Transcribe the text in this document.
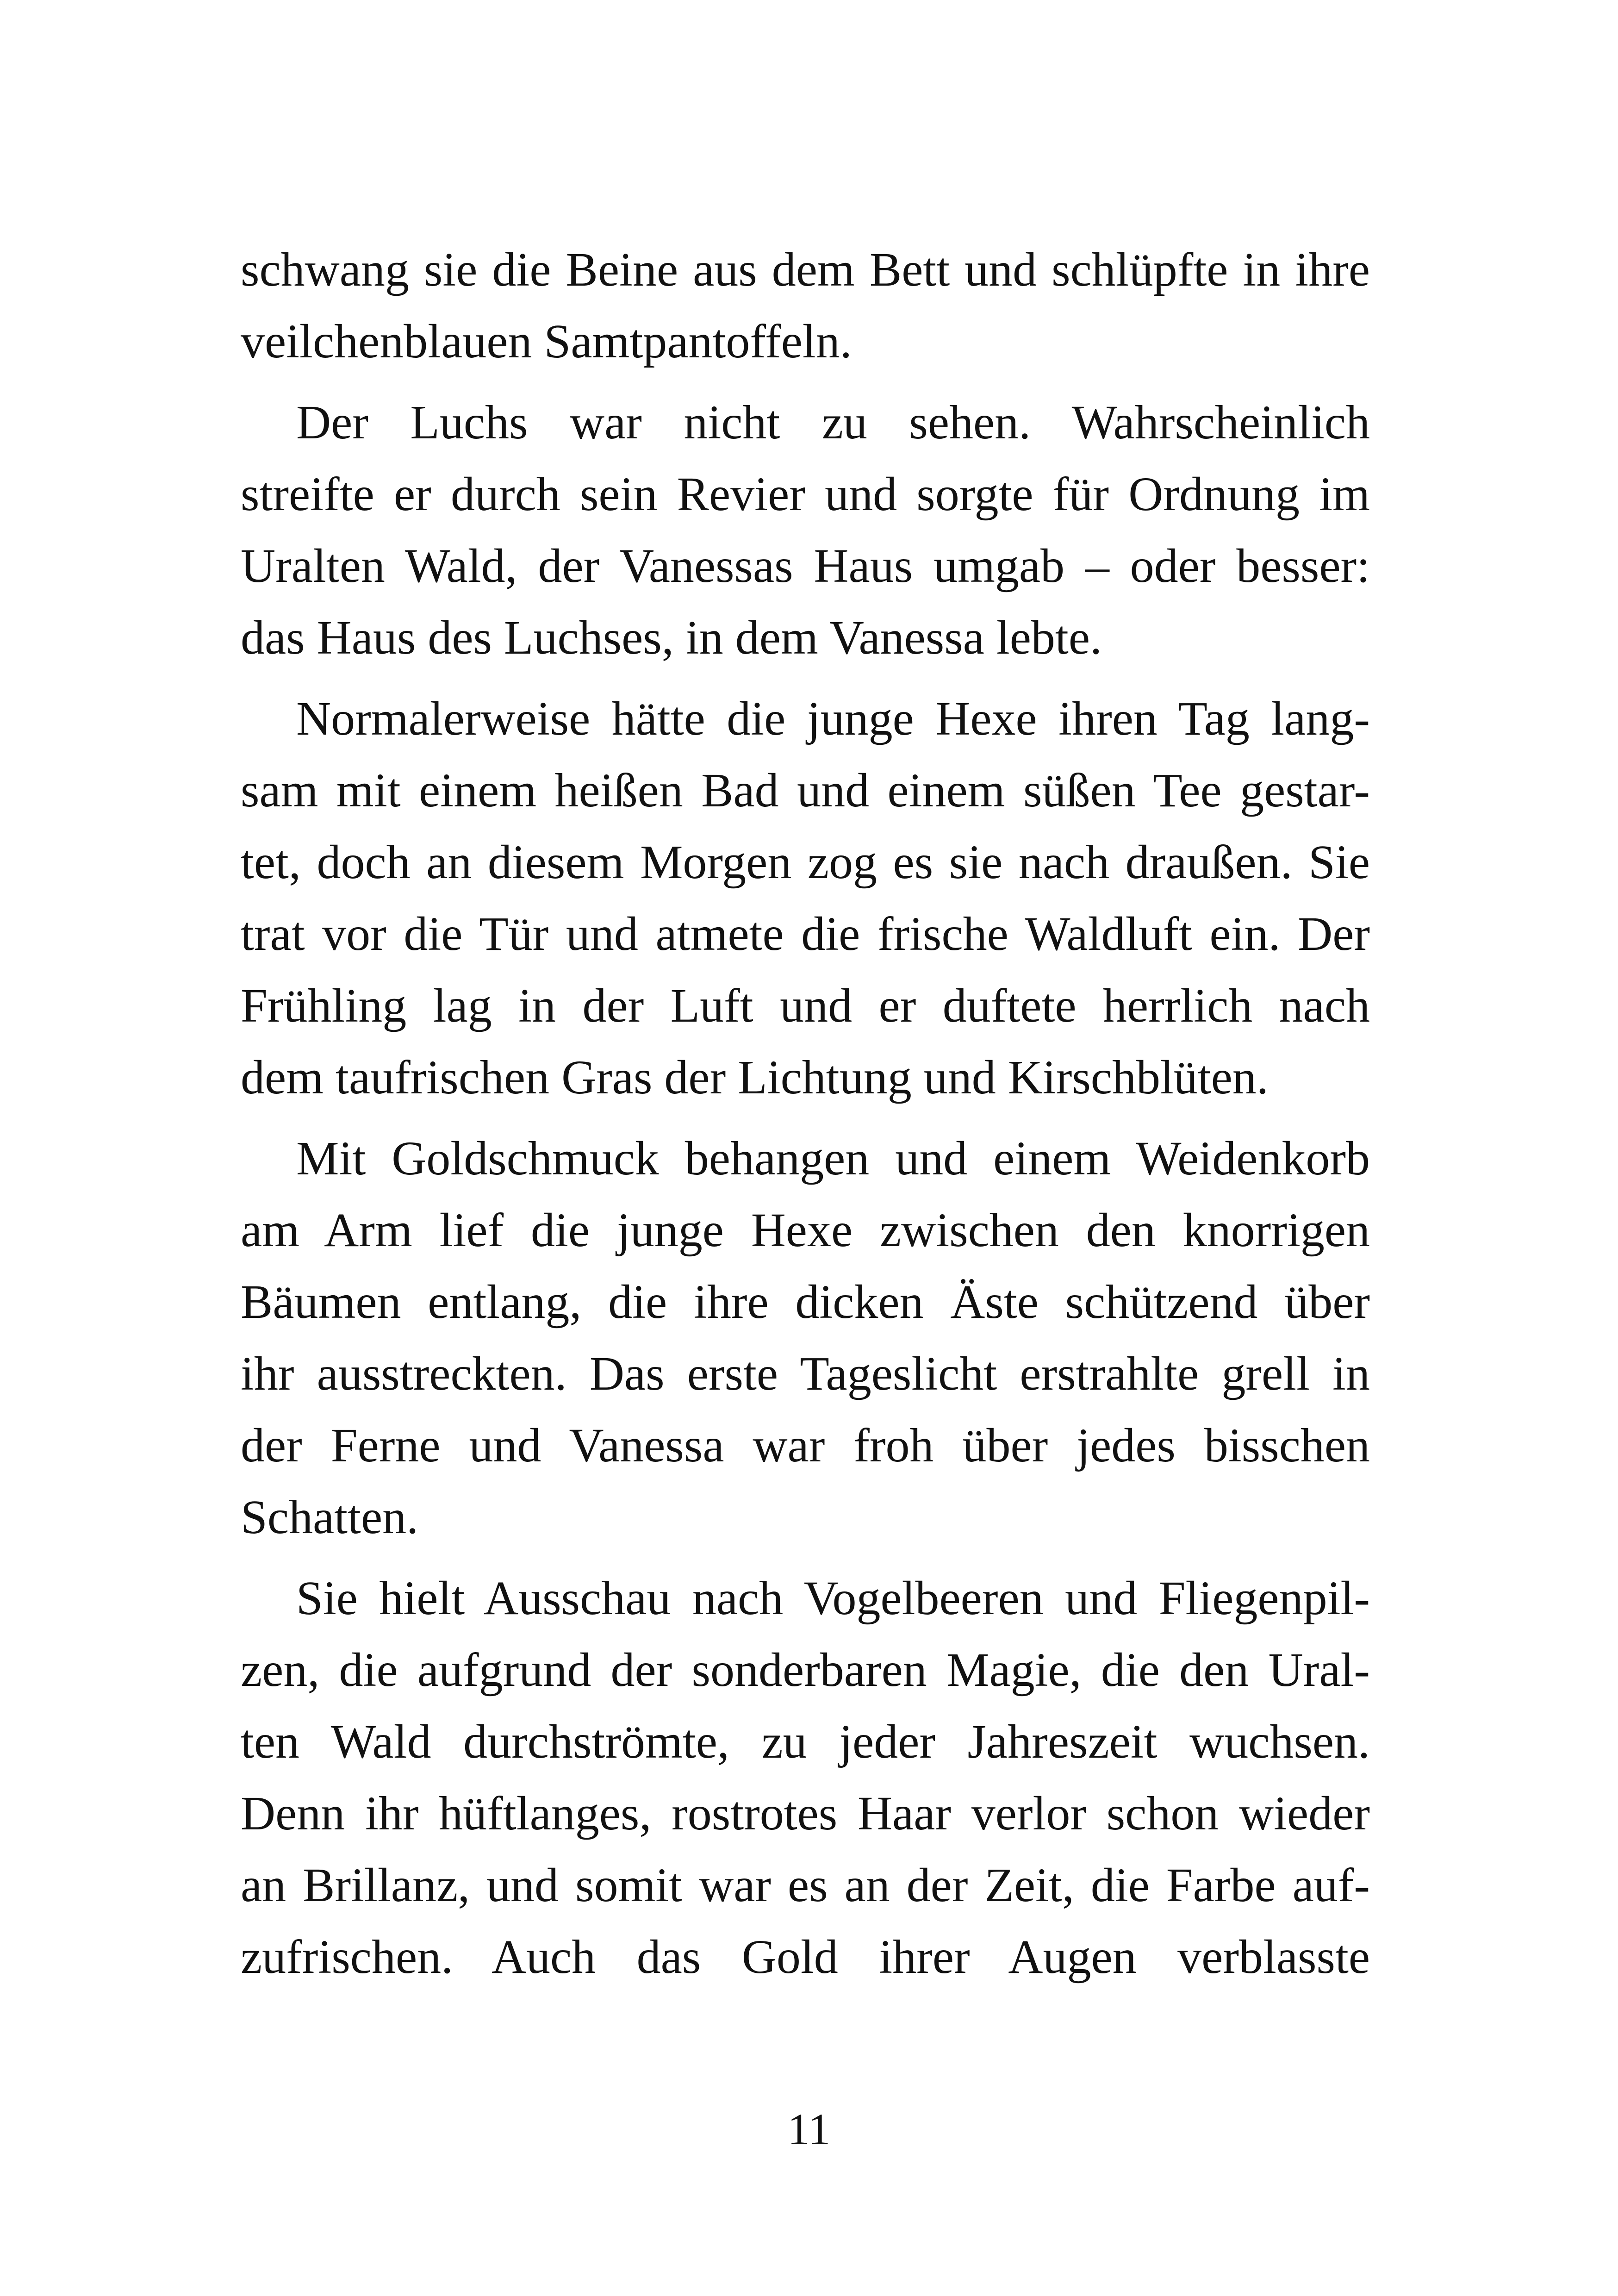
schwang sie die Beine aus dem Bett und schlüpfte in ihre
veilchenblauen Samtpantoffeln.

Der Luchs war nicht zu sehen. Wahrscheinlich
streifte er durch sein Revier und sorgte für Ordnung im
Uralten Wald, der Vanessas Haus umgab – oder besser:
das Haus des Luchses, in dem Vanessa lebte.

Normalerweise hätte die junge Hexe ihren Tag lang-
sam mit einem heißen Bad und einem süßen Tee gestar-
tet, doch an diesem Morgen zog es sie nach draußen. Sie
trat vor die Tür und atmete die frische Waldluft ein. Der
Frühling lag in der Luft und er duftete herrlich nach
dem taufrischen Gras der Lichtung und Kirschblüten.

Mit Goldschmuck behangen und einem Weidenkorb
am Arm lief die junge Hexe zwischen den knorrigen
Bäumen entlang, die ihre dicken Äste schützend über
ihr ausstreckten. Das erste Tageslicht erstrahlte grell in
der Ferne und Vanessa war froh über jedes bisschen
Schatten.

Sie hielt Ausschau nach Vogelbeeren und Fliegenpil-
zen, die aufgrund der sonderbaren Magie, die den Ural-
ten Wald durchströmte, zu jeder Jahreszeit wuchsen.
Denn ihr hüftlanges, rostrotes Haar verlor schon wieder
an Brillanz, und somit war es an der Zeit, die Farbe auf-
zufrischen. Auch das Gold ihrer Augen verblasste

11
